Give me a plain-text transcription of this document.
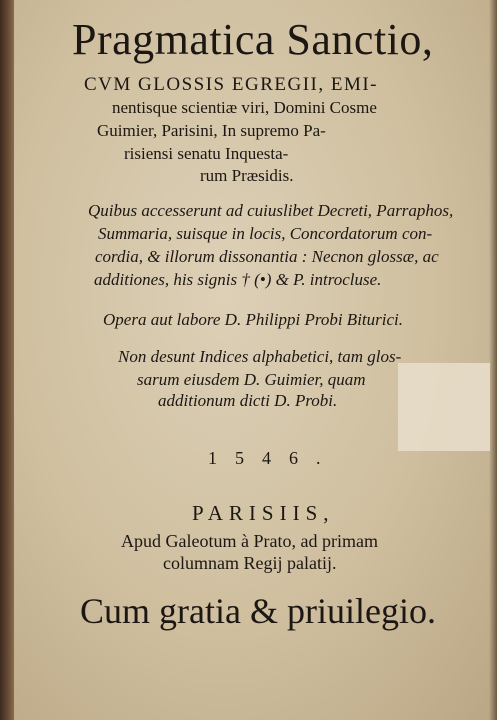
Pragmatica Sanctio,
CVM GLOSSIS EGREGII, EMI-
nentisque scientiæ viri, Domini Cosme
Guimier, Parisini, In supremo Pa-
risiensi senatu Inquesta-
rum Præsidis.
Quibus accesserunt ad cuiuslibet Decreti, Parraphos,
Summaria, suisque in locis, Concordatorum con-
cordia, & illorum dissonantia : Necnon glossæ, ac
additiones, his signis † (•) & P. introcluse.
Opera aut labore D. Philippi Probi Biturici.
Non desunt Indices alphabetici, tam glos-
sarum eiusdem D. Guimier, quam
additionum dicti D. Probi.
1546.
PARISIIS,
Apud Galeotum à Prato, ad primam
columnam Regij palatij.
Cum gratia & priuilegio.
